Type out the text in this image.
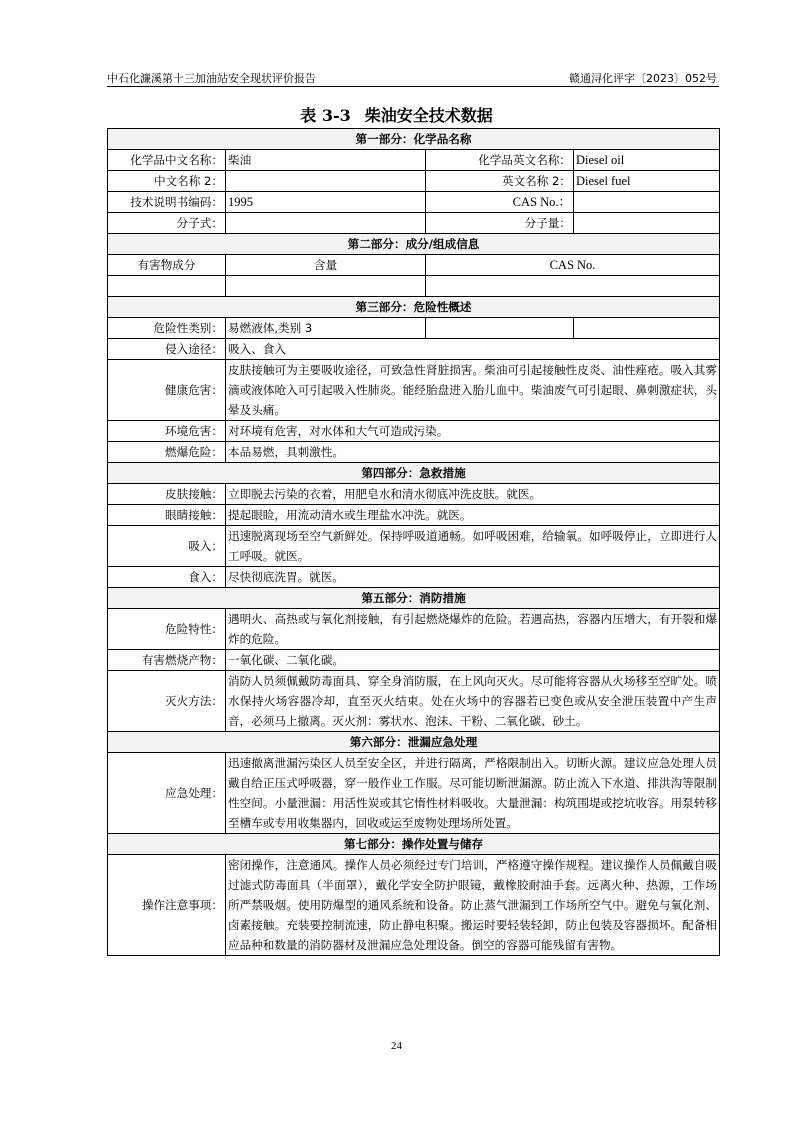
中石化濂溪第十三加油站安全现状评价报告	赣通浔化评字〔2023〕052号
表 3-3 柴油安全技术数据
第一部分：化学品名称			
化学品中文名称：	柴油	化学品英文名称：	Diesel oil
中文名称 2：		英文名称 2：	Diesel fuel
技术说明书编码：	1995	CAS No.：	
分子式：		分子量：	
第二部分：成分/组成信息			
有害物成分	含量	CAS No.	

第三部分：危险性概述			
危险性类别：	易燃液体,类别 3		
侵入途径：	吸入、食入		
健康危害：	皮肤接触可为主要吸收途径，可致急性肾脏损害。柴油可引起接触性皮炎、油性痤疮。吸入其雾滴或液体呛入可引起吸入性肺炎。能经胎盘进入胎儿血中。柴油废气可引起眼、鼻刺激症状，头晕及头痛。		
环境危害：	对环境有危害，对水体和大气可造成污染。		
燃爆危险：	本品易燃，具刺激性。		
第四部分：急救措施			
皮肤接触：	立即脱去污染的衣着，用肥皂水和清水彻底冲洗皮肤。就医。		
眼睛接触：	提起眼睑，用流动清水或生理盐水冲洗。就医。		
吸入：	迅速脱离现场至空气新鲜处。保持呼吸道通畅。如呼吸困难，给输氧。如呼吸停止，立即进行人工呼吸。就医。		
食入：	尽快彻底洗胃。就医。		
第五部分：消防措施			
危险特性：	遇明火、高热或与氧化剂接触，有引起燃烧爆炸的危险。若遇高热，容器内压增大，有开裂和爆炸的危险。		
有害燃烧产物：	一氧化碳、二氧化碳。		
灭火方法：	消防人员须佩戴防毒面具、穿全身消防服，在上风向灭火。尽可能将容器从火场移至空旷处。喷水保持火场容器冷却，直至灭火结束。处在火场中的容器若已变色或从安全泄压装置中产生声音，必须马上撤离。灭火剂：雾状水、泡沫、干粉、二氧化碳、砂土。		
第六部分：泄漏应急处理			
应急处理：	迅速撤离泄漏污染区人员至安全区，并进行隔离，严格限制出入。切断火源。建议应急处理人员戴自给正压式呼吸器，穿一般作业工作服。尽可能切断泄漏源。防止流入下水道、排洪沟等限制性空间。小量泄漏：用活性炭或其它惰性材料吸收。大量泄漏：构筑围堤或挖坑收容。用泵转移至槽车或专用收集器内，回收或运至废物处理场所处置。		
第七部分：操作处置与储存			
操作注意事项：	密闭操作，注意通风。操作人员必须经过专门培训，严格遵守操作规程。建议操作人员佩戴自吸过滤式防毒面具（半面罩），戴化学安全防护眼镜，戴橡胶耐油手套。远离火种、热源，工作场所严禁吸烟。使用防爆型的通风系统和设备。防止蒸气泄漏到工作场所空气中。避免与氧化剂、卤素接触。充装要控制流速，防止静电积聚。搬运时要轻装轻卸，防止包装及容器损坏。配备相应品种和数量的消防器材及泄漏应急处理设备。倒空的容器可能残留有害物。		
24
